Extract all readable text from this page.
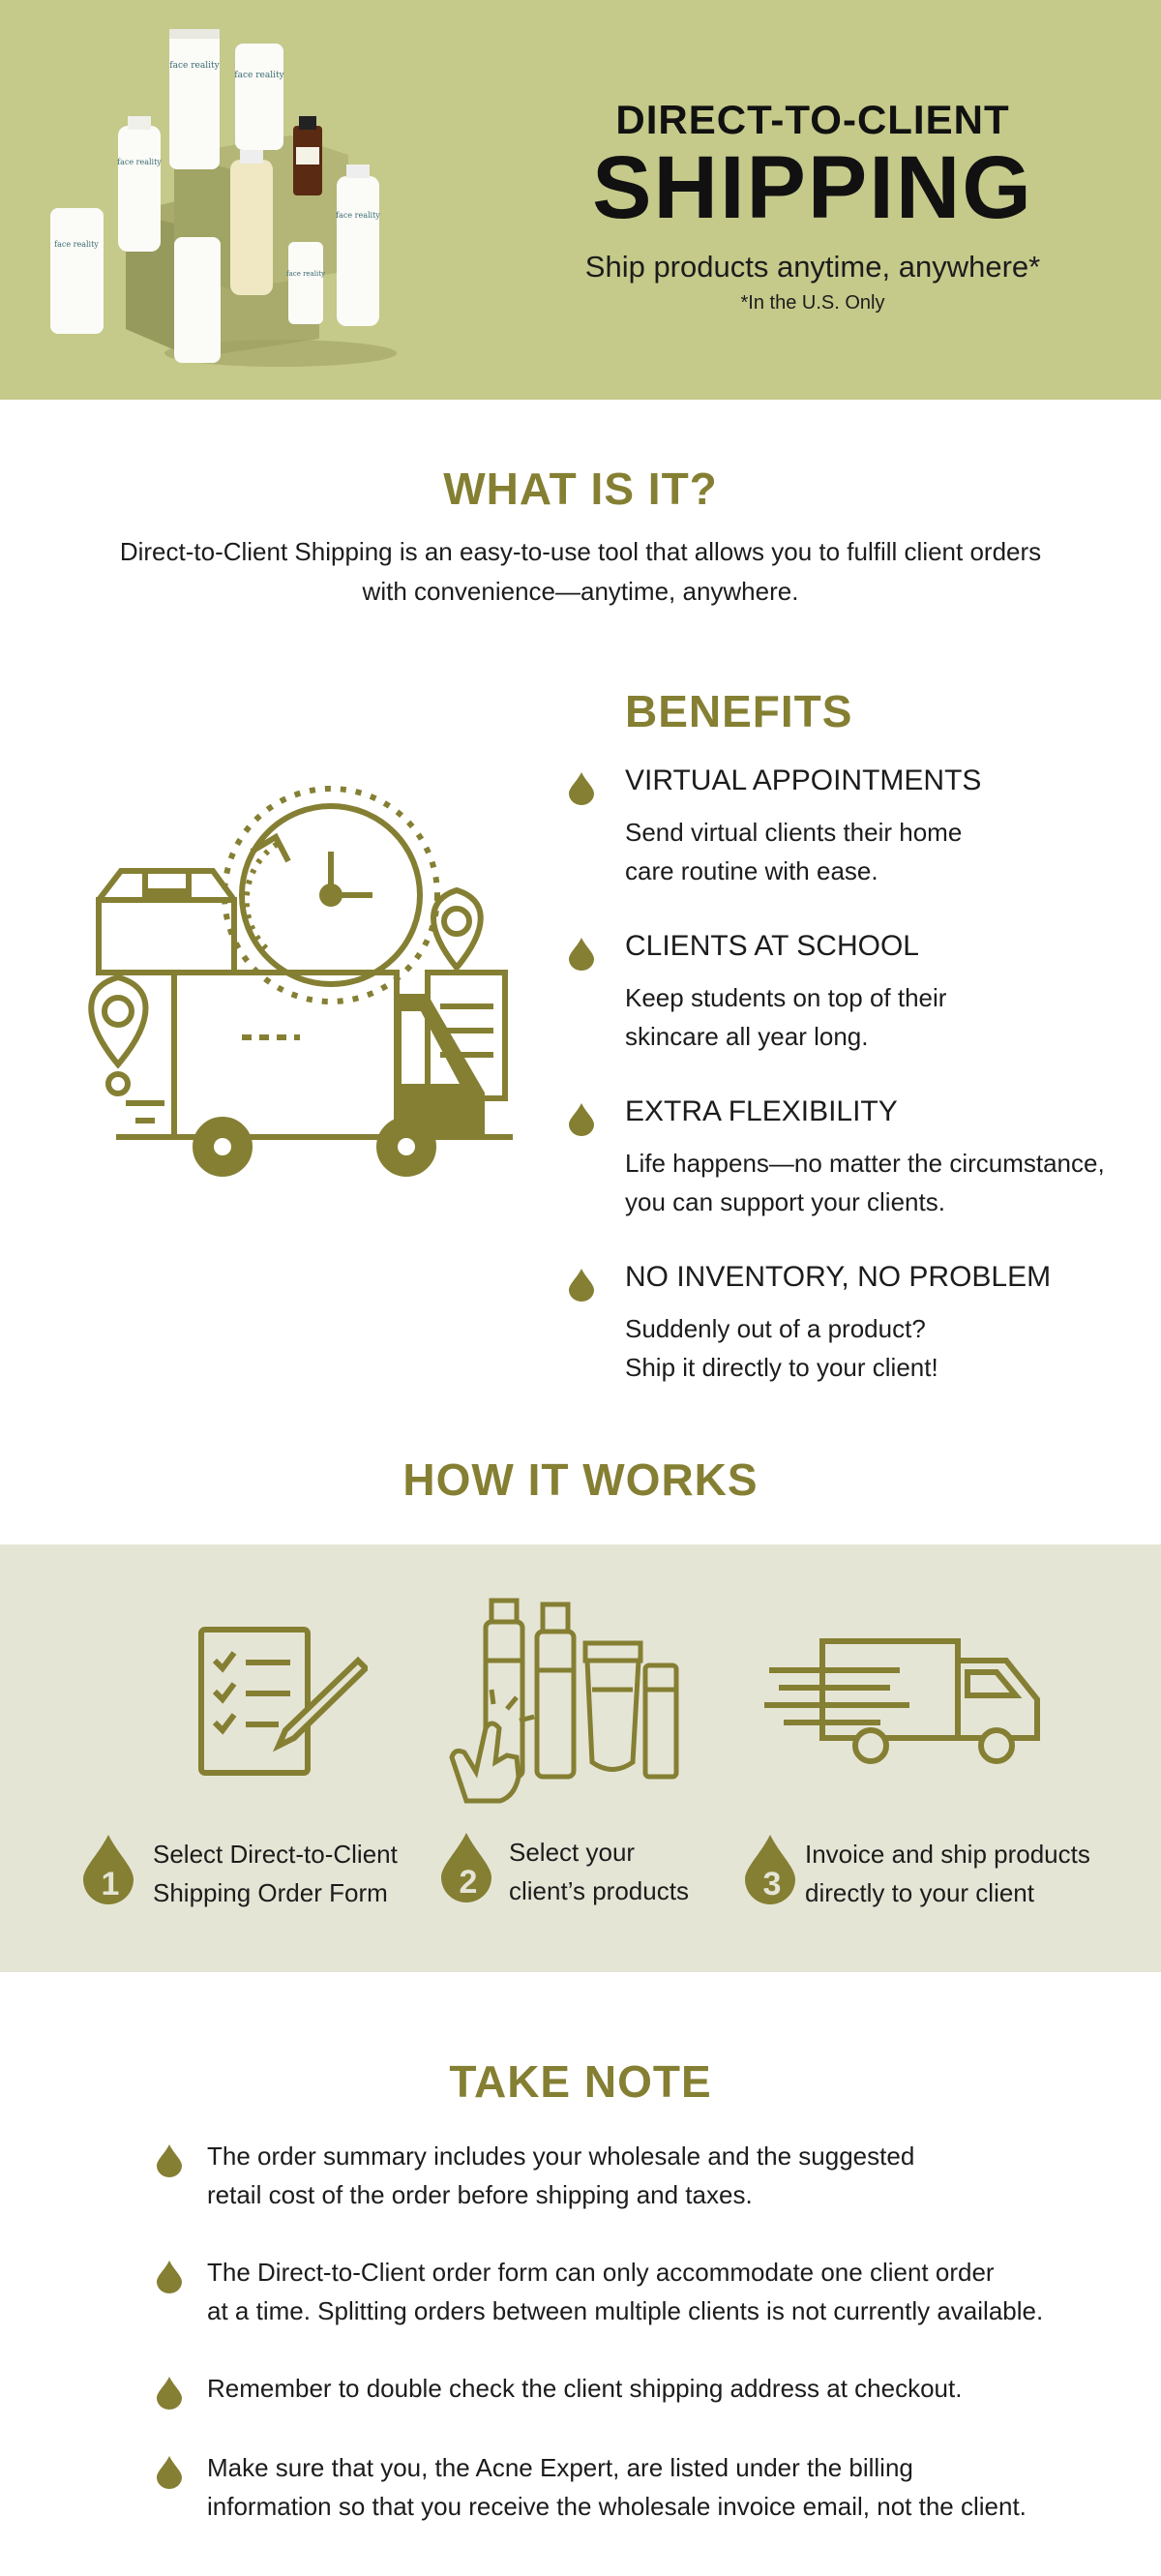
face reality
face reality
face reality
face reality
face reality
face reality
DIRECT-TO-CLIENT
SHIPPING
Ship products anytime, anywhere*
*In the U.S. Only
WHAT IS IT?
Direct-to-Client Shipping is an easy-to-use tool that allows you to fulfill client orders with convenience—anytime, anywhere.
BENEFITS
VIRTUAL APPOINTMENTS
Send virtual clients their home
care routine with ease.
CLIENTS AT SCHOOL
Keep students on top of their
skincare all year long.
EXTRA FLEXIBILITY
Life happens—no matter the circumstance,
you can support your clients.
NO INVENTORY, NO PROBLEM
Suddenly out of a product?
Ship it directly to your client!
HOW IT WORKS
1
Select Direct-to-Client
Shipping Order Form	2
Select your
client’s products	3
Invoice and ship products
directly to your client
TAKE NOTE
The order summary includes your wholesale and the suggested
retail cost of the order before shipping and taxes.
The Direct-to-Client order form can only accommodate one client order
at a time. Splitting orders between multiple clients is not currently available.
Remember to double check the client shipping address at checkout.
Make sure that you, the Acne Expert, are listed under the billing
information so that you receive the wholesale invoice email, not the client.
